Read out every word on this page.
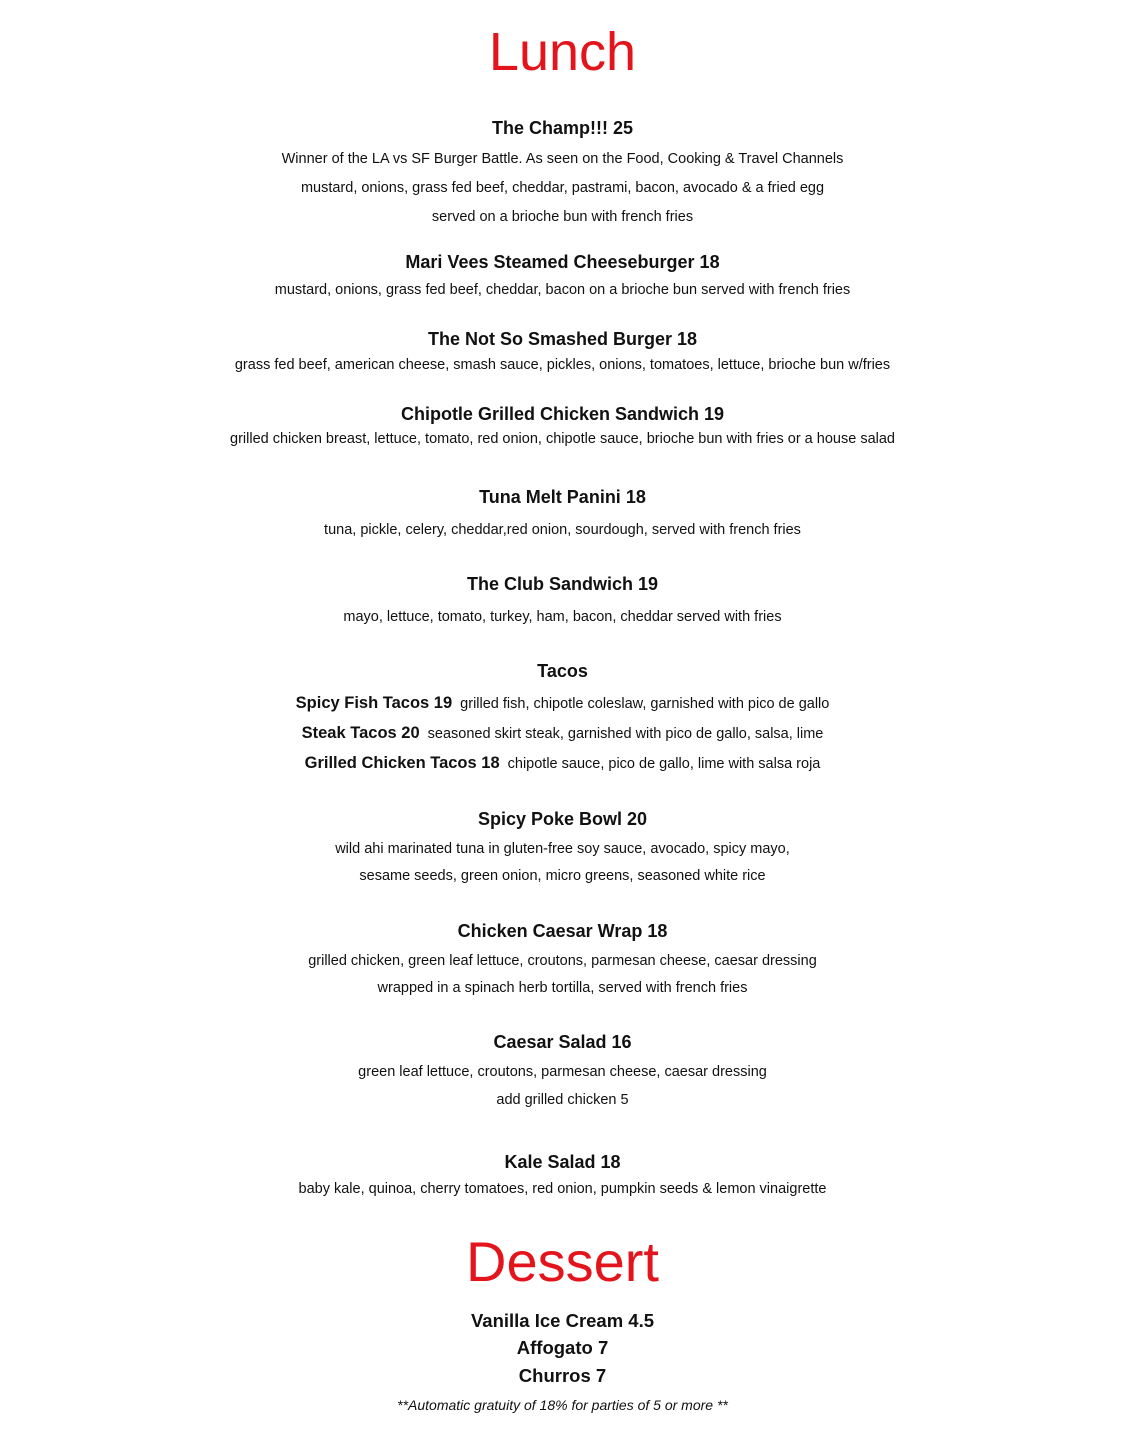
Lunch
The Champ!!! 25
Winner of the LA vs SF Burger Battle. As seen on the Food, Cooking & Travel Channels
mustard, onions, grass fed beef, cheddar, pastrami, bacon, avocado & a fried egg
served on a brioche bun with french fries
Mari Vees Steamed Cheeseburger 18
mustard, onions, grass fed beef, cheddar, bacon on a brioche bun served with french fries
The Not So Smashed Burger 18
grass fed beef, american cheese, smash sauce, pickles, onions, tomatoes, lettuce, brioche bun w/fries
Chipotle Grilled Chicken Sandwich 19
grilled chicken breast, lettuce, tomato, red onion, chipotle sauce, brioche bun with fries or a house salad
Tuna Melt Panini 18
tuna, pickle, celery, cheddar,red onion, sourdough, served with french fries
The Club Sandwich 19
mayo, lettuce, tomato, turkey, ham, bacon, cheddar served with fries
Tacos
Spicy Fish Tacos 19 grilled fish, chipotle coleslaw, garnished with pico de gallo
Steak Tacos 20 seasoned skirt steak, garnished with pico de gallo, salsa, lime
Grilled Chicken Tacos 18 chipotle sauce, pico de gallo, lime with salsa roja
Spicy Poke Bowl 20
wild ahi marinated tuna in gluten-free soy sauce, avocado, spicy mayo,
sesame seeds, green onion, micro greens, seasoned white rice
Chicken Caesar Wrap 18
grilled chicken, green leaf lettuce, croutons, parmesan cheese, caesar dressing
wrapped in a spinach herb tortilla, served with french fries
Caesar Salad 16
green leaf lettuce, croutons, parmesan cheese, caesar dressing
add grilled chicken 5
Kale Salad 18
baby kale, quinoa, cherry tomatoes, red onion, pumpkin seeds & lemon vinaigrette
Dessert
Vanilla Ice Cream 4.5
Affogato 7
Churros 7
**Automatic gratuity of 18% for parties of 5 or more **
